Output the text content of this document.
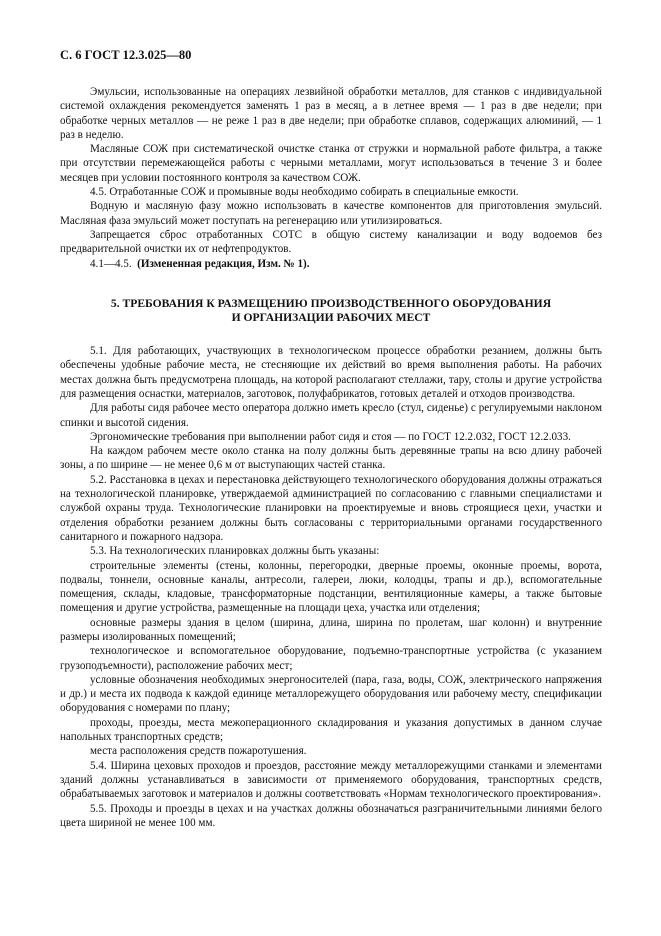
С. 6 ГОСТ 12.3.025—80

Эмульсии, использованные на операциях лезвийной обработки металлов, для станков с индивидуальной системой охлаждения рекомендуется заменять 1 раз в месяц, а в летнее время — 1 раз в две недели; при обработке черных металлов — не реже 1 раз в две недели; при обработке сплавов, содержащих алюминий, — 1 раз в неделю.

Масляные СОЖ при систематической очистке станка от стружки и нормальной работе фильтра, а также при отсутствии перемежающейся работы с черными металлами, могут использоваться в течение 3 и более месяцев при условии постоянного контроля за качеством СОЖ.

4.5. Отработанные СОЖ и промывные воды необходимо собирать в специальные емкости.

Водную и масляную фазу можно использовать в качестве компонентов для приготовления эмульсий. Масляная фаза эмульсий может поступать на регенерацию или утилизироваться.

Запрещается сброс отработанных СОТС в общую систему канализации и воду водоемов без предварительной очистки их от нефтепродуктов.

4.1—4.5. (Измененная редакция, Изм. № 1).

5. ТРЕБОВАНИЯ К РАЗМЕЩЕНИЮ ПРОИЗВОДСТВЕННОГО ОБОРУДОВАНИЯ
И ОРГАНИЗАЦИИ РАБОЧИХ МЕСТ

5.1. Для работающих, участвующих в технологическом процессе обработки резанием, должны быть обеспечены удобные рабочие места, не стесняющие их действий во время выполнения работы. На рабочих местах должна быть предусмотрена площадь, на которой располагают стеллажи, тару, столы и другие устройства для размещения оснастки, материалов, заготовок, полуфабрикатов, готовых деталей и отходов производства.

Для работы сидя рабочее место оператора должно иметь кресло (стул, сиденье) с регулируемыми наклоном спинки и высотой сидения.

Эргономические требования при выполнении работ сидя и стоя — по ГОСТ 12.2.032, ГОСТ 12.2.033.

На каждом рабочем месте около станка на полу должны быть деревянные трапы на всю длину рабочей зоны, а по ширине — не менее 0,6 м от выступающих частей станка.

5.2. Расстановка в цехах и перестановка действующего технологического оборудования должны отражаться на технологической планировке, утверждаемой администрацией по согласованию с главными специалистами и службой охраны труда. Технологические планировки на проектируемые и вновь строящиеся цехи, участки и отделения обработки резанием должны быть согласованы с территориальными органами государственного санитарного и пожарного надзора.

5.3. На технологических планировках должны быть указаны:

строительные элементы (стены, колонны, перегородки, дверные проемы, оконные проемы, ворота, подвалы, тоннели, основные каналы, антресоли, галереи, люки, колодцы, трапы и др.), вспомогательные помещения, склады, кладовые, трансформаторные подстанции, вентиляционные камеры, а также бытовые помещения и другие устройства, размещенные на площади цеха, участка или отделения;

основные размеры здания в целом (ширина, длина, ширина по пролетам, шаг колонн) и внутренние размеры изолированных помещений;

технологическое и вспомогательное оборудование, подъемно-транспортные устройства (с указанием грузоподъемности), расположение рабочих мест;

условные обозначения необходимых энергоносителей (пара, газа, воды, СОЖ, электрического напряжения и др.) и места их подвода к каждой единице металлорежущего оборудования или рабочему месту, спецификации оборудования с номерами по плану;

проходы, проезды, места межоперационного складирования и указания допустимых в данном случае напольных транспортных средств;

места расположения средств пожаротушения.

5.4. Ширина цеховых проходов и проездов, расстояние между металлорежущими станками и элементами зданий должны устанавливаться в зависимости от применяемого оборудования, транспортных средств, обрабатываемых заготовок и материалов и должны соответствовать «Нормам технологического проектирования».

5.5. Проходы и проезды в цехах и на участках должны обозначаться разграничительными линиями белого цвета шириной не менее 100 мм.
